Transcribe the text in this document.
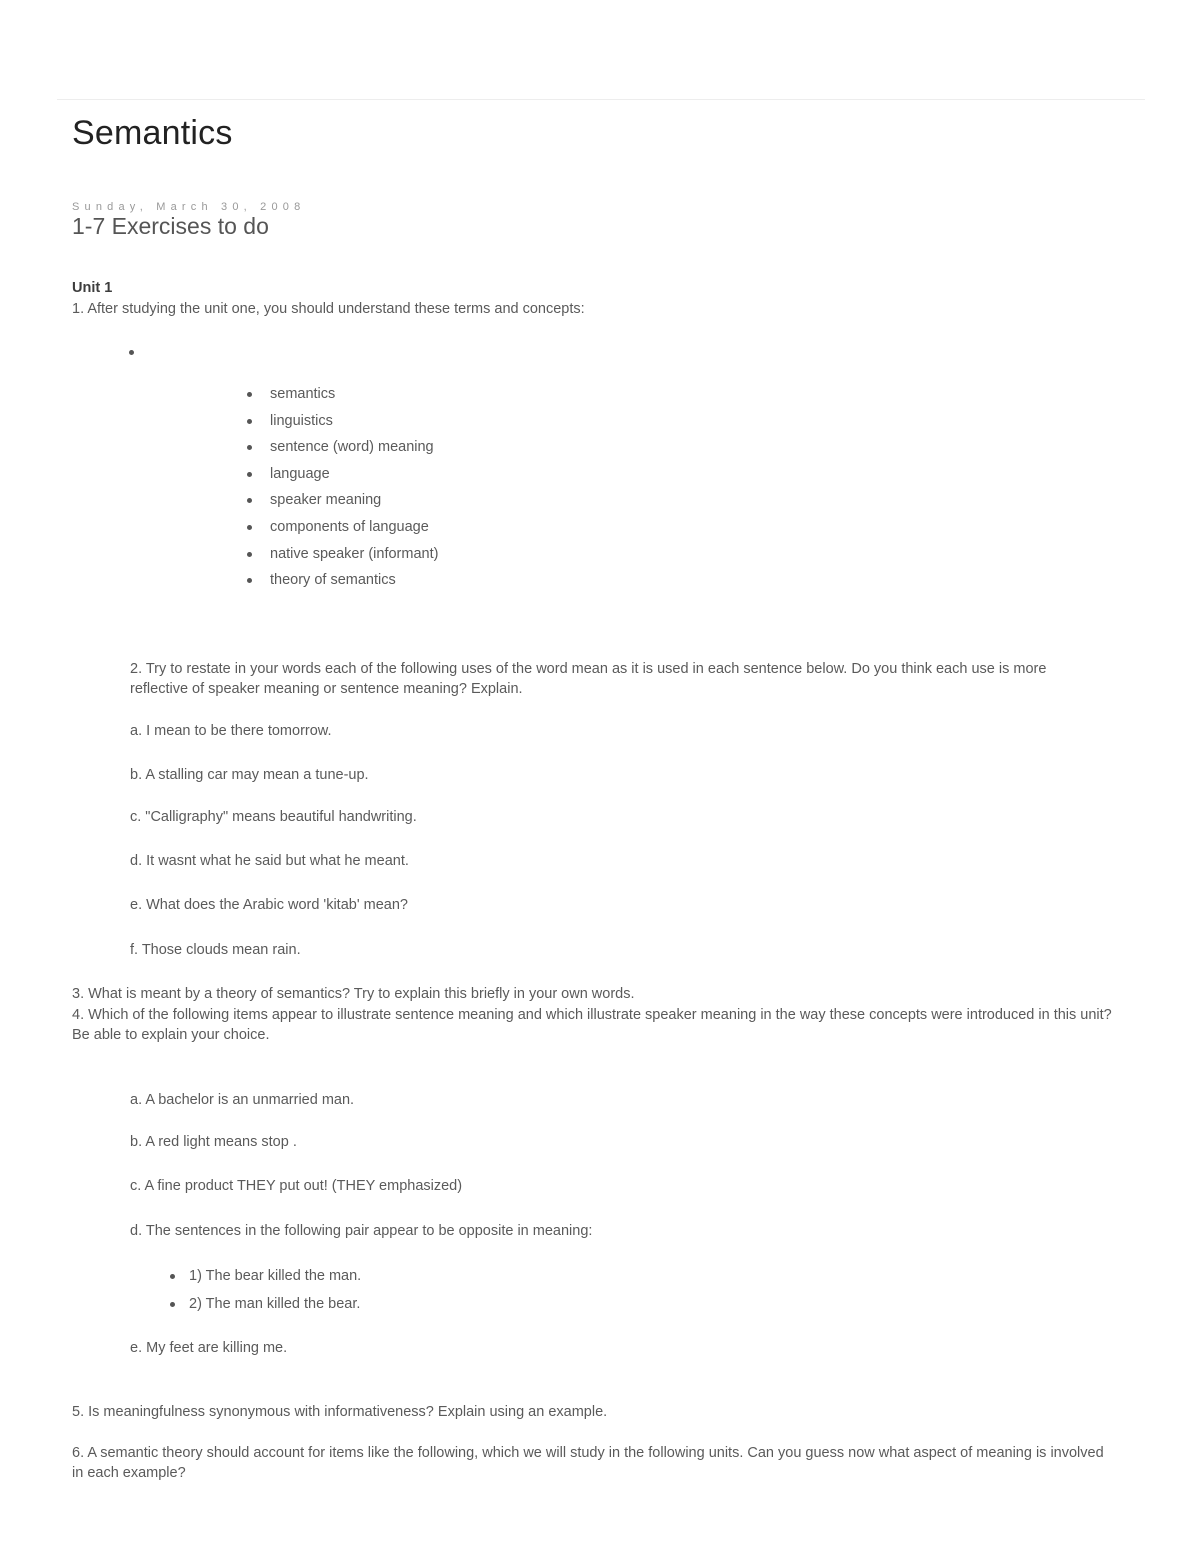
Semantics
Sunday, March 30, 2008
1-7 Exercises to do
Unit 1
1. After studying the unit one, you should understand these terms and concepts:
semantics
linguistics
sentence (word) meaning
language
speaker meaning
components of language
native speaker (informant)
theory of semantics
2. Try to restate in your words each of the following uses of the word mean as it is used in each sentence below. Do you think each use is more reflective of speaker meaning or sentence meaning? Explain.
a. I mean to be there tomorrow.
b. A stalling car may mean a tune-up.
c. "Calligraphy" means beautiful handwriting.
d. It wasnt what he said but what he meant.
e. What does the Arabic word 'kitab' mean?
f. Those clouds mean rain.
3. What is meant by a theory of semantics? Try to explain this briefly in your own words.
4. Which of the following items appear to illustrate sentence meaning and which illustrate speaker meaning in the way these concepts were introduced in this unit? Be able to explain your choice.
a. A bachelor is an unmarried man.
b. A red light means stop .
c. A fine product THEY put out! (THEY emphasized)
d. The sentences in the following pair appear to be opposite in meaning:
1) The bear killed the man.
2) The man killed the bear.
e. My feet are killing me.
5. Is meaningfulness synonymous with informativeness? Explain using an example.
6. A semantic theory should account for items like the following, which we will study in the following units. Can you guess now what aspect of meaning is involved in each example?
